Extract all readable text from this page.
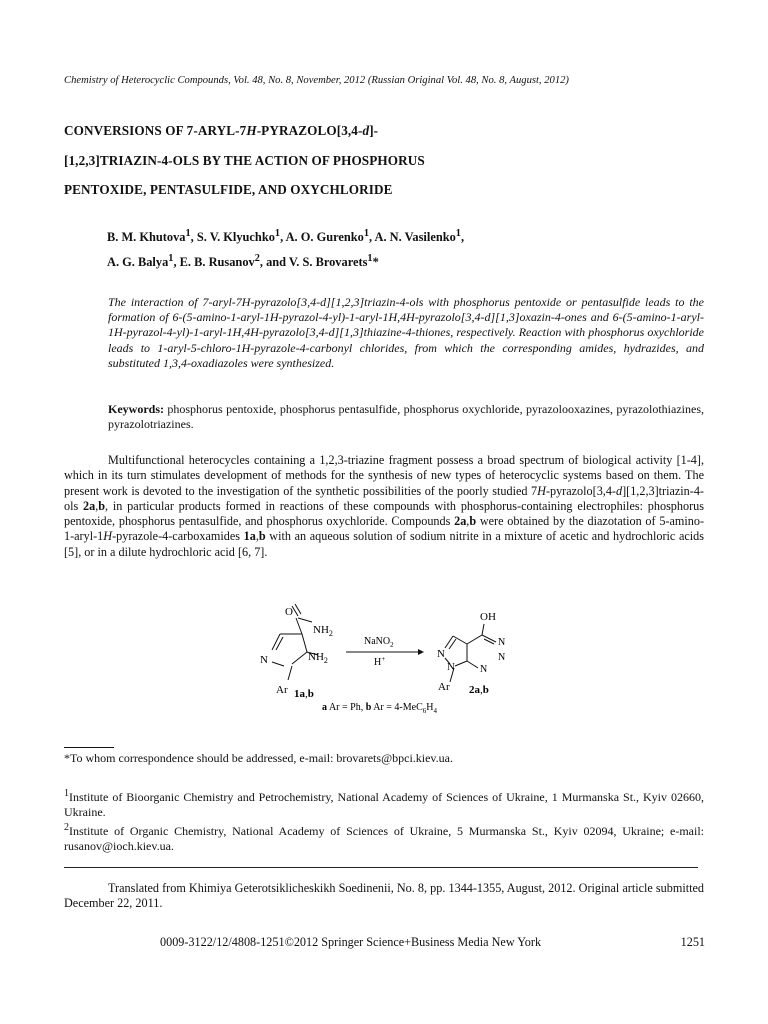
Chemistry of Heterocyclic Compounds, Vol. 48, No. 8, November, 2012 (Russian Original Vol. 48, No. 8, August, 2012)
CONVERSIONS OF 7-ARYL-7H-PYRAZOLO[3,4-d]-
[1,2,3]TRIAZIN-4-OLS BY THE ACTION OF PHOSPHORUS
PENTOXIDE, PENTASULFIDE, AND OXYCHLORIDE
B. M. Khutova$^1$, S. V. Klyuchko$^1$, A. O. Gurenko$^1$, A. N. Vasilenko$^1$,
A. G. Balya$^1$, E. B. Rusanov$^2$, and V. S. Brovarets$^1$*
The interaction of 7-aryl-7H-pyrazolo[3,4-d][1,2,3]triazin-4-ols with phosphorus pentoxide or pentasulfide leads to the formation of 6-(5-amino-1-aryl-1H-pyrazol-4-yl)-1-aryl-1H,4H-pyrazolo[3,4-d][1,3]oxazin-4-ones and 6-(5-amino-1-aryl-1H-pyrazol-4-yl)-1-aryl-1H,4H-pyrazolo[3,4-d][1,3]thiazine-4-thiones, respectively. Reaction with phosphorus oxychloride leads to 1-aryl-5-chloro-1H-pyrazole-4-carbonyl chlorides, from which the corresponding amides, hydrazides, and substituted 1,3,4-oxadiazoles were synthesized.
Keywords: phosphorus pentoxide, phosphorus pentasulfide, phosphorus oxychloride, pyrazolooxazines, pyrazolothiazines, pyrazolotriazines.
Multifunctional heterocycles containing a 1,2,3-triazine fragment possess a broad spectrum of biological activity [1-4], which in its turn stimulates development of methods for the synthesis of new types of heterocyclic systems based on them. The present work is devoted to the investigation of the synthetic possibilities of the poorly studied 7H-pyrazolo[3,4-d][1,2,3]triazin-4-ols 2a,b, in particular products formed in reactions of these compounds with phosphorus-containing electrophiles: phosphorus pentoxide, phosphorus pentasulfide, and phosphorus oxychloride. Compounds 2a,b were obtained by the diazotation of 5-amino-1-aryl-1H-pyrazole-4-carboxamides 1a,b with an aqueous solution of sodium nitrite in a mixture of acetic and hydrochloric acids [5], or in a dilute hydrochloric acid [6, 7].
O
$NH_2$
N	$NH_2$
Ar 1a,b
NaNO$_2$
H+
OH
N
N
N
N
N
Ar 2a,b
a Ar = Ph, b $Ar = 4-MeC_6H_4$
*To whom correspondence should be addressed, e-mail: brovarets@bpci.kiev.ua.
$^1$Institute of Bioorganic Chemistry and Petrochemistry, National Academy of Sciences of Ukraine, 1 Murmanska St., Kyiv 02660, Ukraine.
$^2$Institute of Organic Chemistry, National Academy of Sciences of Ukraine, 5 Murmanska St., Kyiv 02094, Ukraine; e-mail: rusanov@ioch.kiev.ua.
Translated from Khimiya Geterotsiklicheskikh Soedinenii, No. 8, pp. 1344-1355, August, 2012. Original article submitted December 22, 2011.
0009-3122/12/4808-1251©2012 Springer Science+Business Media New York	1251
